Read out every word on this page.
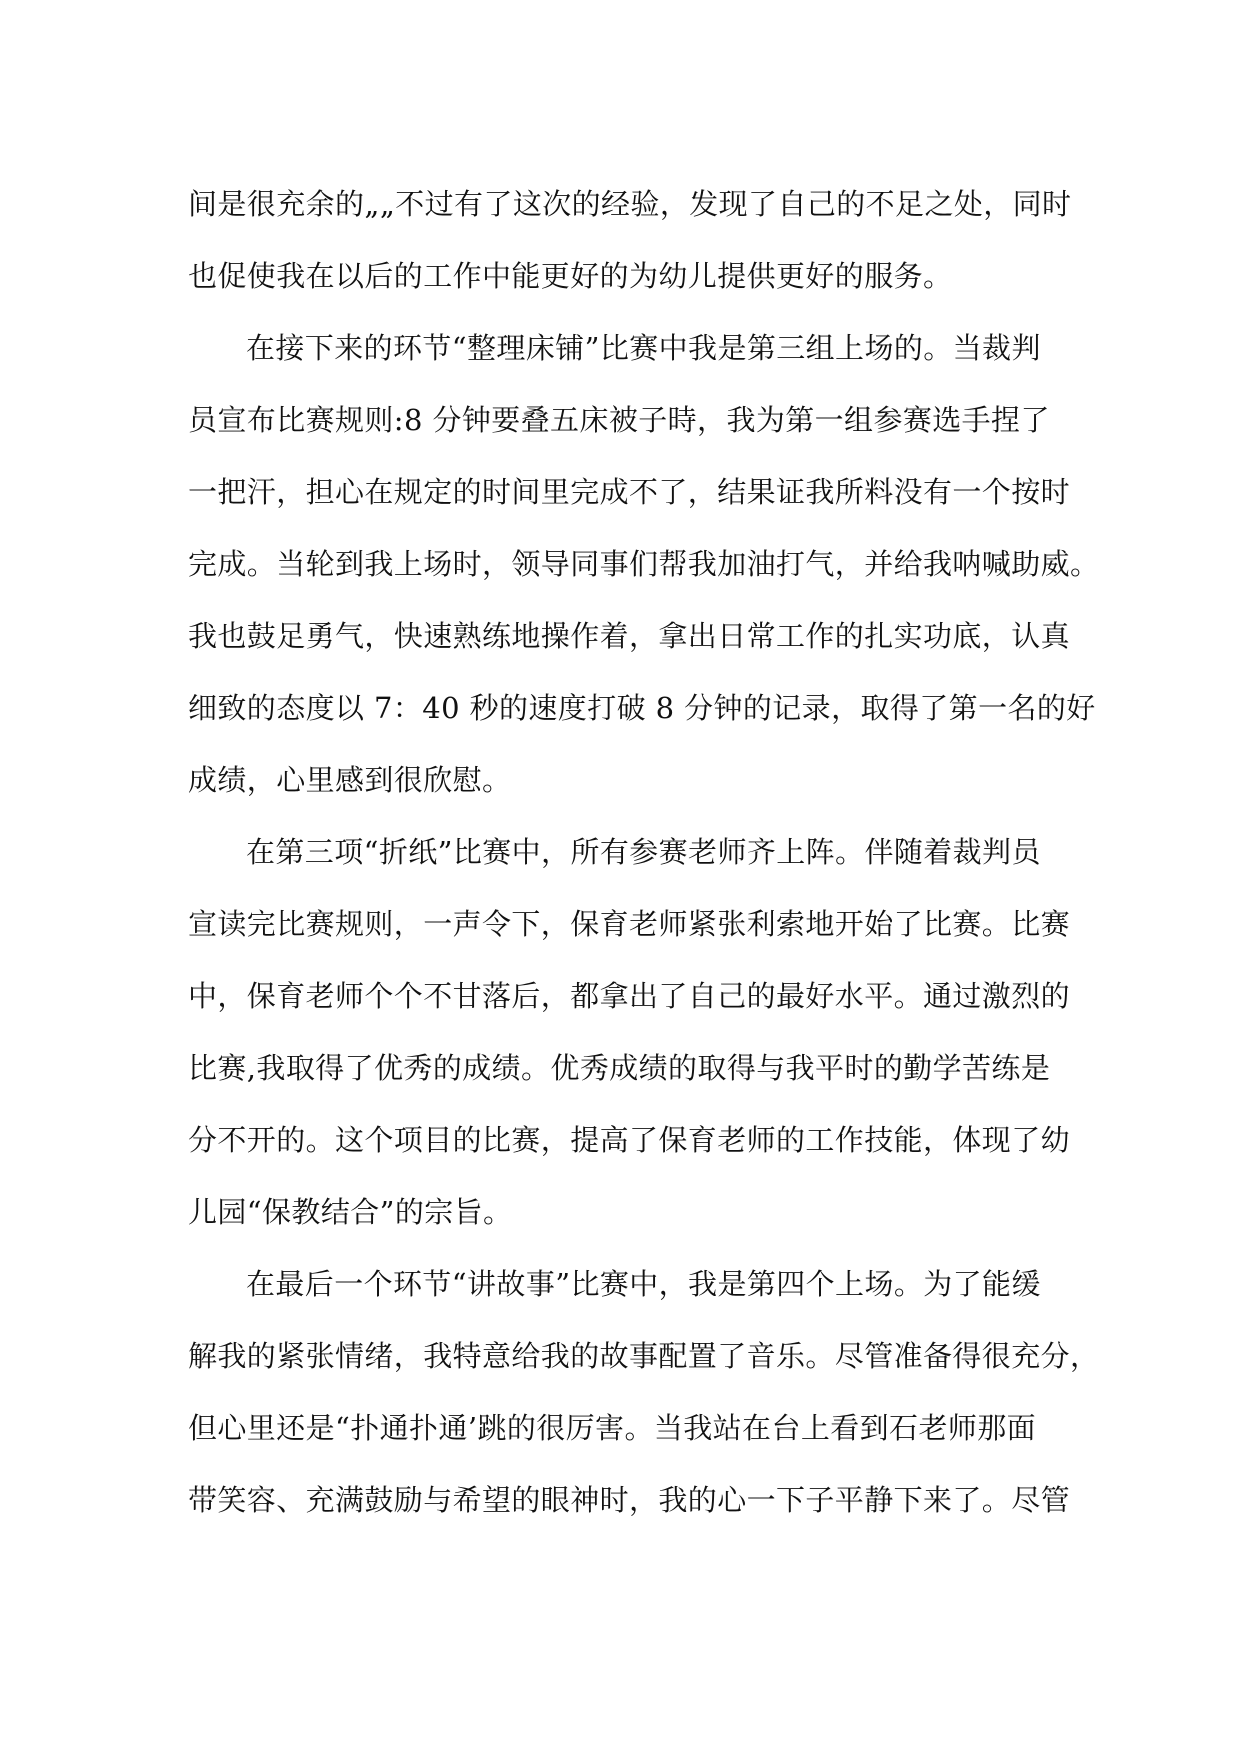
间是很充余的„„不过有了这次的经验，发现了自己的不足之处，同时
也促使我在以后的工作中能更好的为幼儿提供更好的服务。
在接下来的环节“整理床铺”比赛中我是第三组上场的。当裁判
员宣布比赛规则:8 分钟要叠五床被子時，我为第一组参赛选手捏了
一把汗，担心在规定的时间里完成不了，结果证我所料没有一个按时
完成。当轮到我上场时，领导同事们帮我加油打气，并给我呐喊助威。
我也鼓足勇气，快速熟练地操作着，拿出日常工作的扎实功底，认真
细致的态度以 7：40 秒的速度打破 8 分钟的记录，取得了第一名的好
成绩，心里感到很欣慰。
在第三项“折纸”比赛中，所有参赛老师齐上阵。伴随着裁判员
宣读完比赛规则，一声令下，保育老师紧张利索地开始了比赛。比赛
中，保育老师个个不甘落后，都拿出了自己的最好水平。通过激烈的
比赛,我取得了优秀的成绩。优秀成绩的取得与我平时的勤学苦练是
分不开的。这个项目的比赛，提高了保育老师的工作技能，体现了幼
儿园“保教结合”的宗旨。
在最后一个环节“讲故事”比赛中，我是第四个上场。为了能缓
解我的紧张情绪，我特意给我的故事配置了音乐。尽管准备得很充分，
但心里还是“扑通扑通’跳的很厉害。当我站在台上看到石老师那面
带笑容、充满鼓励与希望的眼神时，我的心一下子平静下来了。尽管
